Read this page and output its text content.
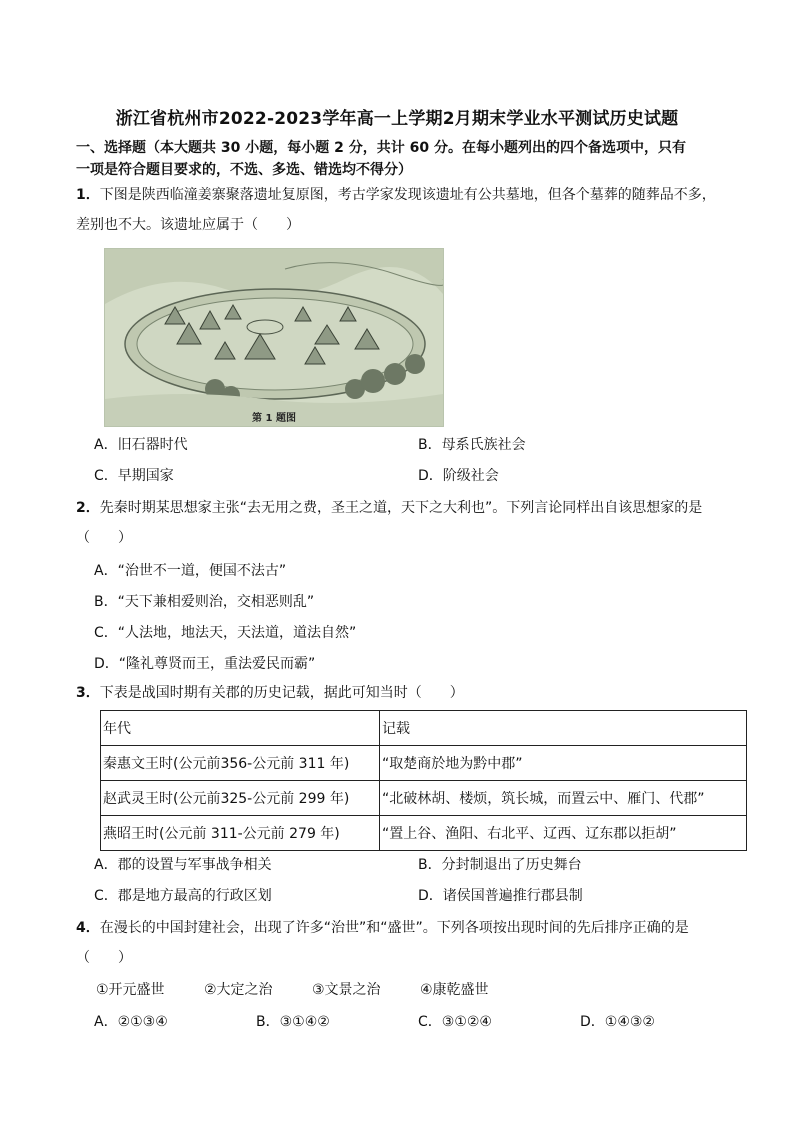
浙江省杭州市2022-2023学年高一上学期2月期末学业水平测试历史试题
一、选择题（本大题共 30 小题，每小题 2 分，共计 60 分。在每小题列出的四个备选项中，只有
一项是符合题目要求的，不选、多选、错选均不得分）
1．下图是陕西临潼姜寨聚落遗址复原图，考古学家发现该遗址有公共墓地，但各个墓葬的随葬品不多，
差别也不大。该遗址应属于（　　）
第 1 题图
A．旧石器时代	B．母系氏族社会
C．早期国家	D．阶级社会
2．先秦时期某思想家主张“去无用之费，圣王之道，天下之大利也”。下列言论同样出自该思想家的是
（　　）
A．“治世不一道，便国不法古”
B．“天下兼相爱则治，交相恶则乱”
C．“人法地，地法天，天法道，道法自然”
D．“隆礼尊贤而王，重法爱民而霸”
3．下表是战国时期有关郡的历史记载，据此可知当时（　　）
年代	记载
秦惠文王时(公元前356-公元前 311 年)	“取楚商於地为黔中郡”
赵武灵王时(公元前325-公元前 299 年)	“北破林胡、楼烦，筑长城，而置云中、雁门、代郡”
燕昭王时(公元前 311-公元前 279 年)	“置上谷、渔阳、右北平、辽西、辽东郡以拒胡”
A．郡的设置与军事战争相关	B．分封制退出了历史舞台
C．郡是地方最高的行政区划	D．诸侯国普遍推行郡县制
4．在漫长的中国封建社会，出现了许多“治世”和“盛世”。下列各项按出现时间的先后排序正确的是
（　　）
①开元盛世	②大定之治	③文景之治	④康乾盛世
A．②①③④	B．③①④②	C．③①②④	D．①④③②
